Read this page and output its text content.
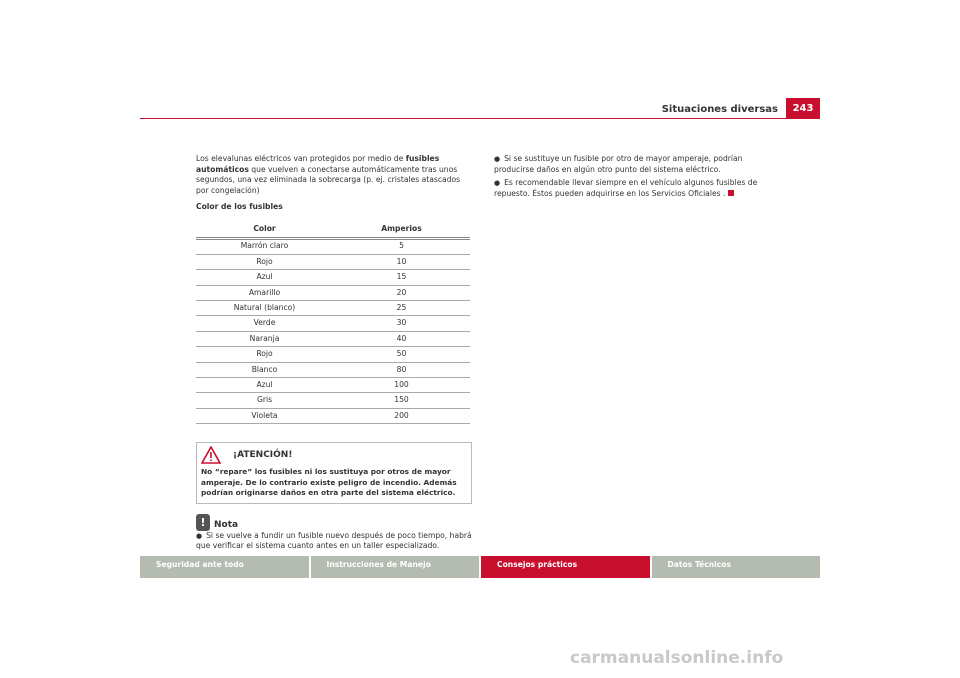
Situaciones diversas	243

Los elevalunas eléctricos van protegidos por medio de fusibles automáticos que vuelven a conectarse automáticamente tras unos segundos, una vez eliminada la sobrecarga (p. ej. cristales atascados por congelación)

Color de los fusibles

Color	Amperios
Marrón claro	5
Rojo	10
Azul	15
Amarillo	20
Natural (blanco)	25
Verde	30
Naranja	40
Rojo	50
Blanco	80
Azul	100
Gris	150
Violeta	200
¡ATENCIÓN!
No “repare” los fusibles ni los sustituya por otros de mayor amperaje. De lo contrario existe peligro de incendio. Además podrían originarse daños en otra parte del sistema eléctrico.
! Nota

● Si se vuelve a fundir un fusible nuevo después de poco tiempo, habrá que verificar el sistema cuanto antes en un taller especializado.

● Si se sustituye un fusible por otro de mayor amperaje, podrían producirse daños en algún otro punto del sistema eléctrico.

● Es recomendable llevar siempre en el vehículo algunos fusibles de repuesto. Éstos pueden adquirirse en los Servicios Oficiales .

Seguridad ante todo	Instrucciones de Manejo	Consejos prácticos	Datos Técnicos
carmanualsonline.info
